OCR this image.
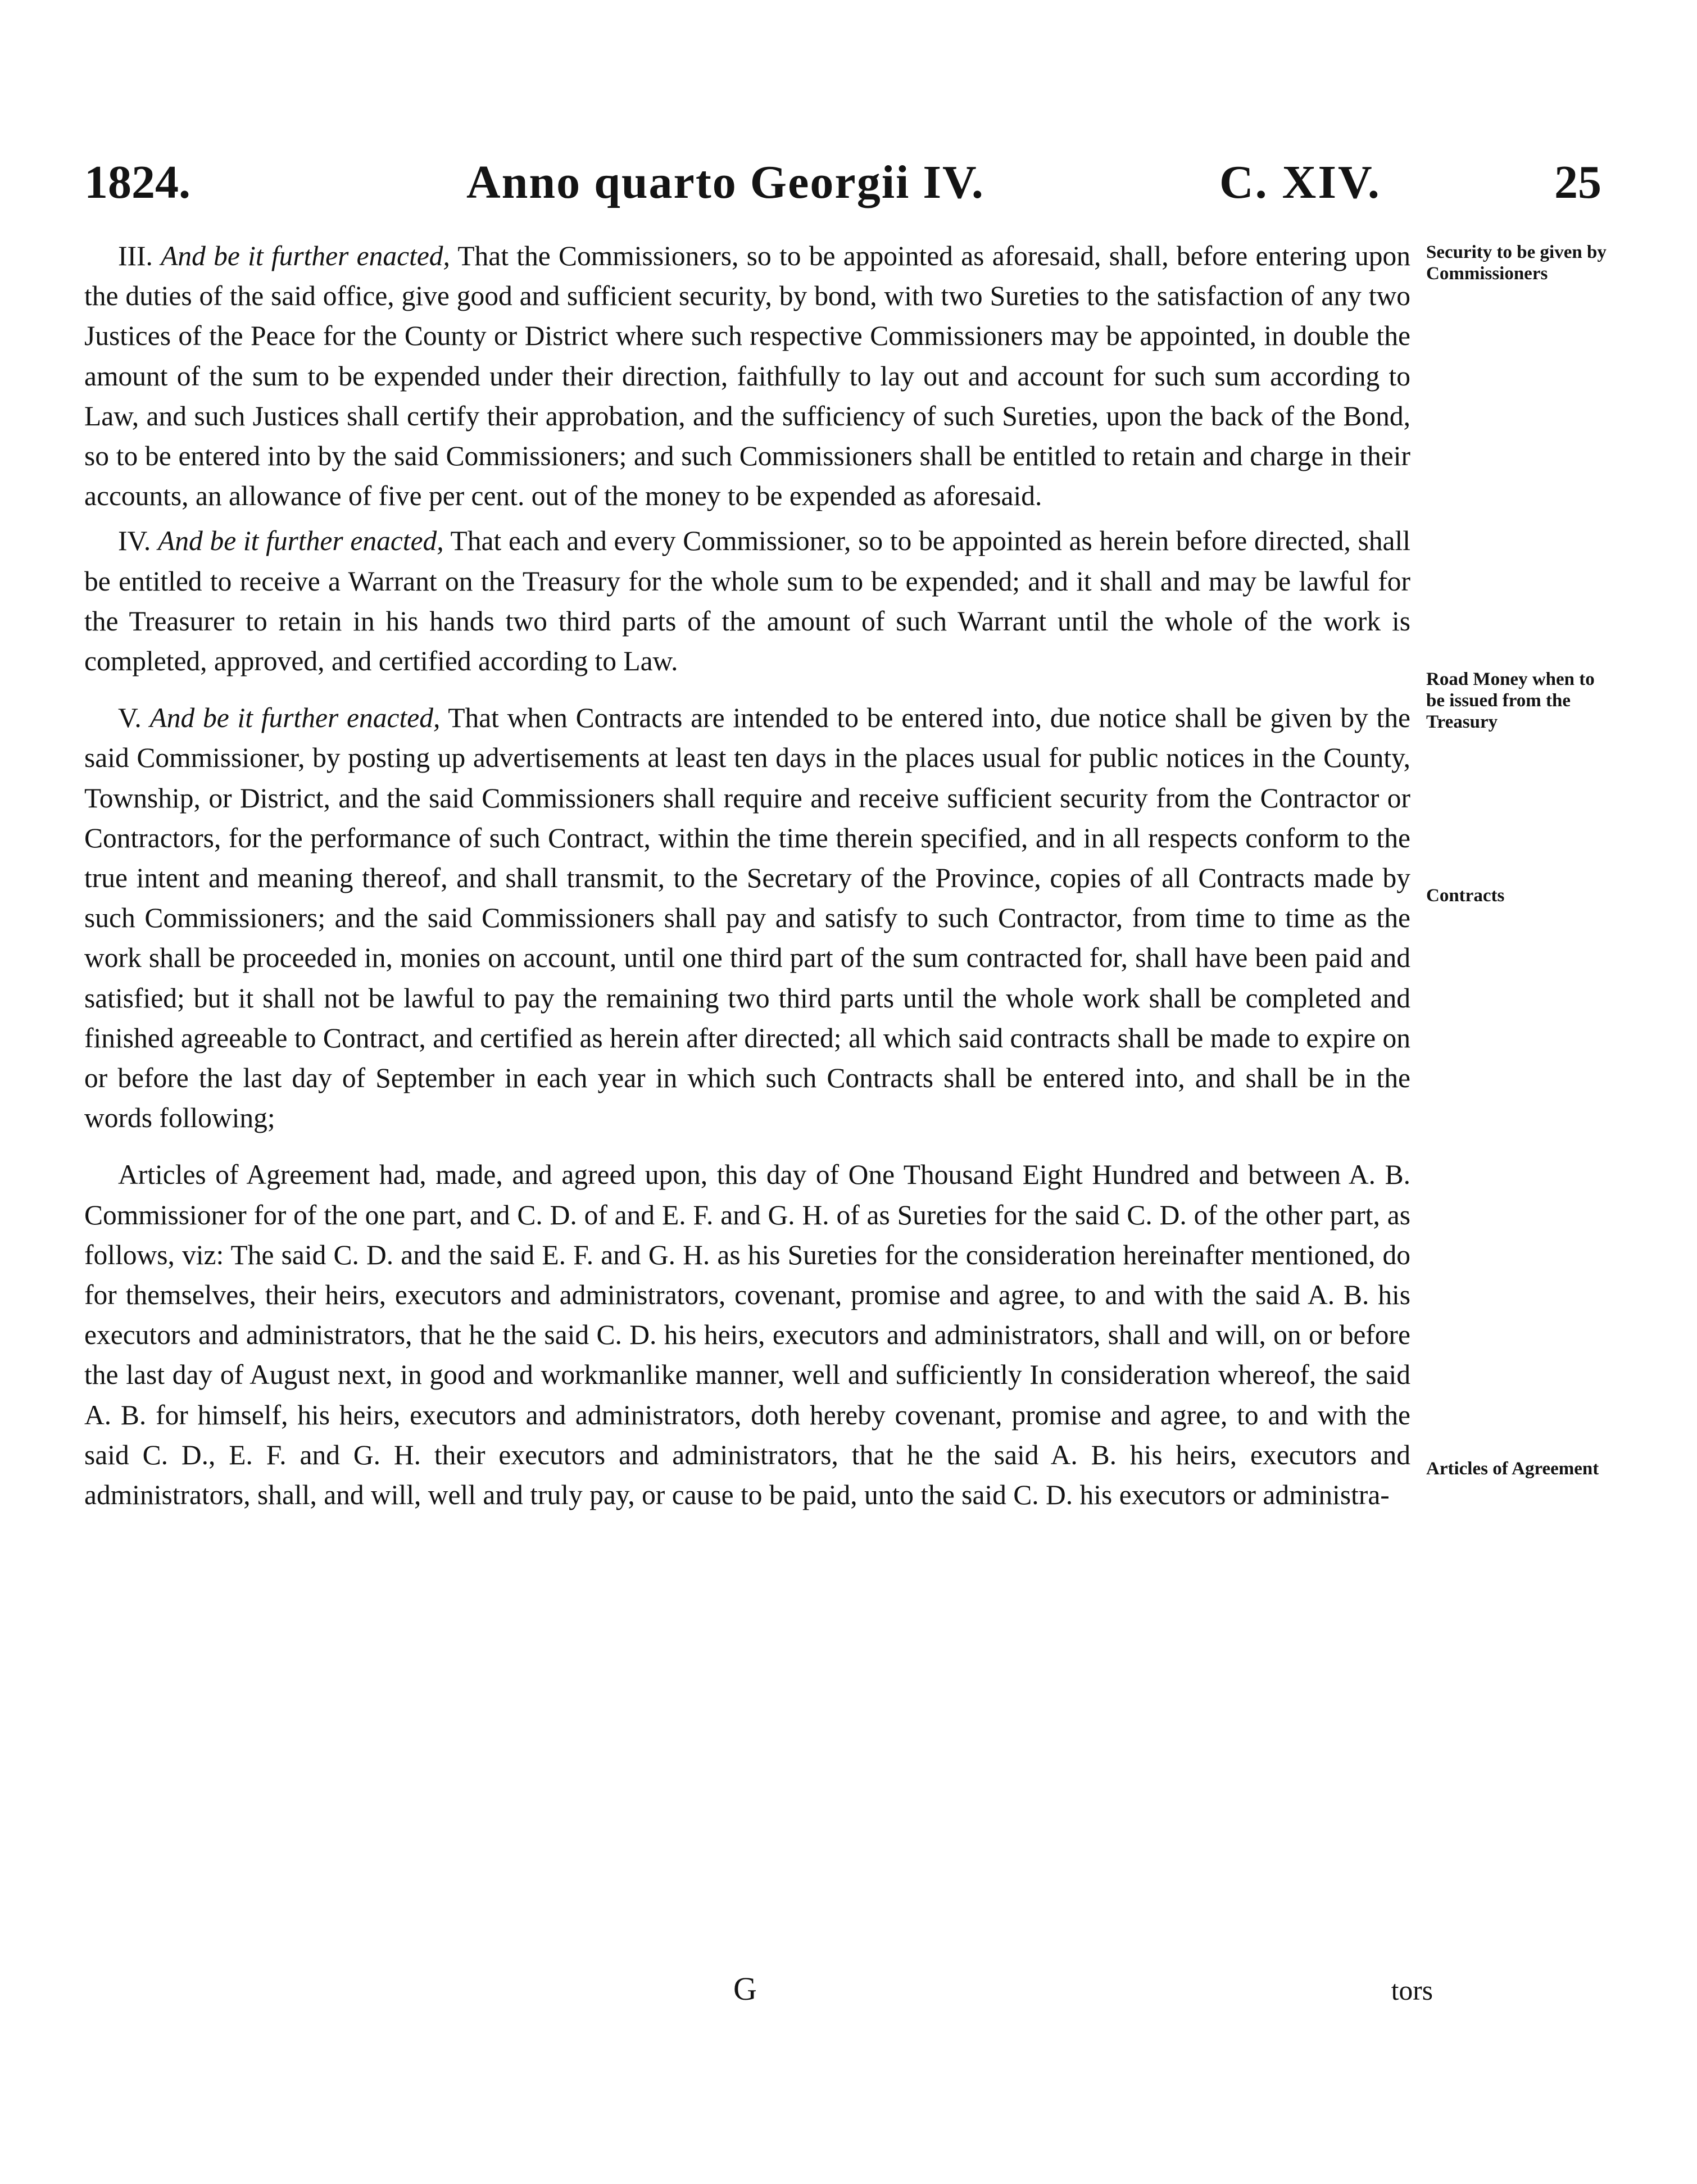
1824.	Anno quarto Georgii IV.	C. XIV.	25

III. And be it further enacted, That the Commissioners, so to be appointed as aforesaid, shall, before entering upon the duties of the said office, give good and sufficient security, by bond, with two Sureties to the satisfaction of any two Justices of the Peace for the County or District where such respective Commissioners may be appointed, in double the amount of the sum to be expended under their direction, faithfully to lay out and account for such sum according to Law, and such Justices shall certify their approbation, and the sufficiency of such Sureties, upon the back of the Bond, so to be entered into by the said Commissioners; and such Commissioners shall be entitled to retain and charge in their accounts, an allowance of five per cent. out of the money to be expended as aforesaid.

IV. And be it further enacted, That each and every Commissioner, so to be appointed as herein before directed, shall be entitled to receive a Warrant on the Treasury for the whole sum to be expended; and it shall and may be lawful for the Treasurer to retain in his hands two third parts of the amount of such Warrant until the whole of the work is completed, approved, and certified according to Law.

V. And be it further enacted, That when Contracts are intended to be entered into, due notice shall be given by the said Commissioner, by posting up advertisements at least ten days in the places usual for public notices in the County, Township, or District, and the said Commissioners shall require and receive sufficient security from the Contractor or Contractors, for the performance of such Contract, within the time therein specified, and in all respects conform to the true intent and meaning thereof, and shall transmit, to the Secretary of the Province, copies of all Contracts made by such Commissioners; and the said Commissioners shall pay and satisfy to such Contractor, from time to time as the work shall be proceeded in, monies on account, until one third part of the sum contracted for, shall have been paid and satisfied; but it shall not be lawful to pay the remaining two third parts until the whole work shall be completed and finished agreeable to Contract, and certified as herein after directed; all which said contracts shall be made to expire on or before the last day of September in each year in which such Contracts shall be entered into, and shall be in the words following;

Articles of Agreement had, made, and agreed upon, this day of One Thousand Eight Hundred and between A. B. Commissioner for of the one part, and C. D. of and E. F. and G. H. of as Sureties for the said C. D. of the other part, as follows, viz: The said C. D. and the said E. F. and G. H. as his Sureties for the consideration hereinafter mentioned, do for themselves, their heirs, executors and administrators, covenant, promise and agree, to and with the said A. B. his executors and administrators, that he the said C. D. his heirs, executors and administrators, shall and will, on or before the last day of August next, in good and workmanlike manner, well and sufficiently In consideration whereof, the said A. B. for himself, his heirs, executors and administrators, doth hereby covenant, promise and agree, to and with the said C. D., E. F. and G. H. their executors and administrators, that he the said A. B. his heirs, executors and administrators, shall, and will, well and truly pay, or cause to be paid, unto the said C. D. his executors or administra-

Security to be given by Commissioners
Road Money when to be issued from the Treasury
Contracts
Articles of Agreement
G	tors
